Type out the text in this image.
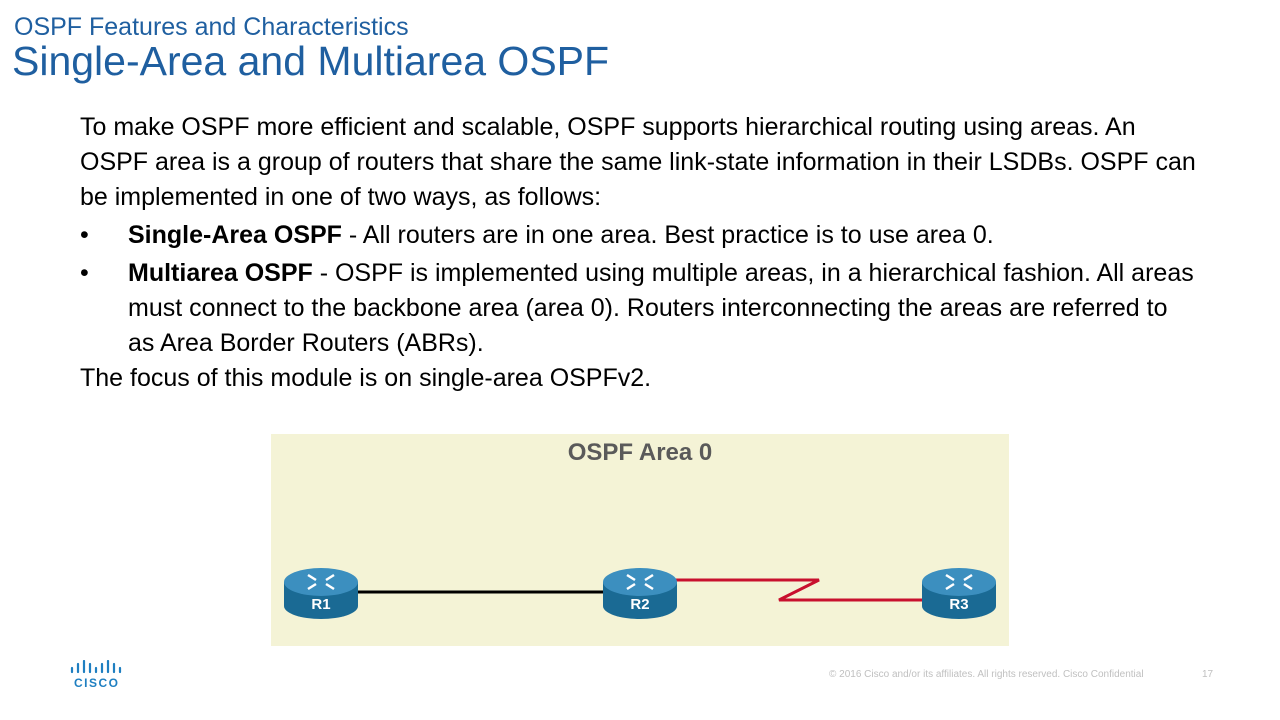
OSPF Features and Characteristics
Single-Area and Multiarea OSPF

To make OSPF more efficient and scalable, OSPF supports hierarchical routing using areas. An OSPF area is a group of routers that share the same link-state information in their LSDBs. OSPF can be implemented in one of two ways, as follows:

• Single-Area OSPF - All routers are in one area. Best practice is to use area 0.
• Multiarea OSPF - OSPF is implemented using multiple areas, in a hierarchical fashion. All areas must connect to the backbone area (area 0). Routers interconnecting the areas are referred to as Area Border Routers (ABRs).

The focus of this module is on single-area OSPFv2.

OSPF Area 0
R1	R2	R3
CISCO
© 2016 Cisco and/or its affiliates. All rights reserved. Cisco Confidential	17
